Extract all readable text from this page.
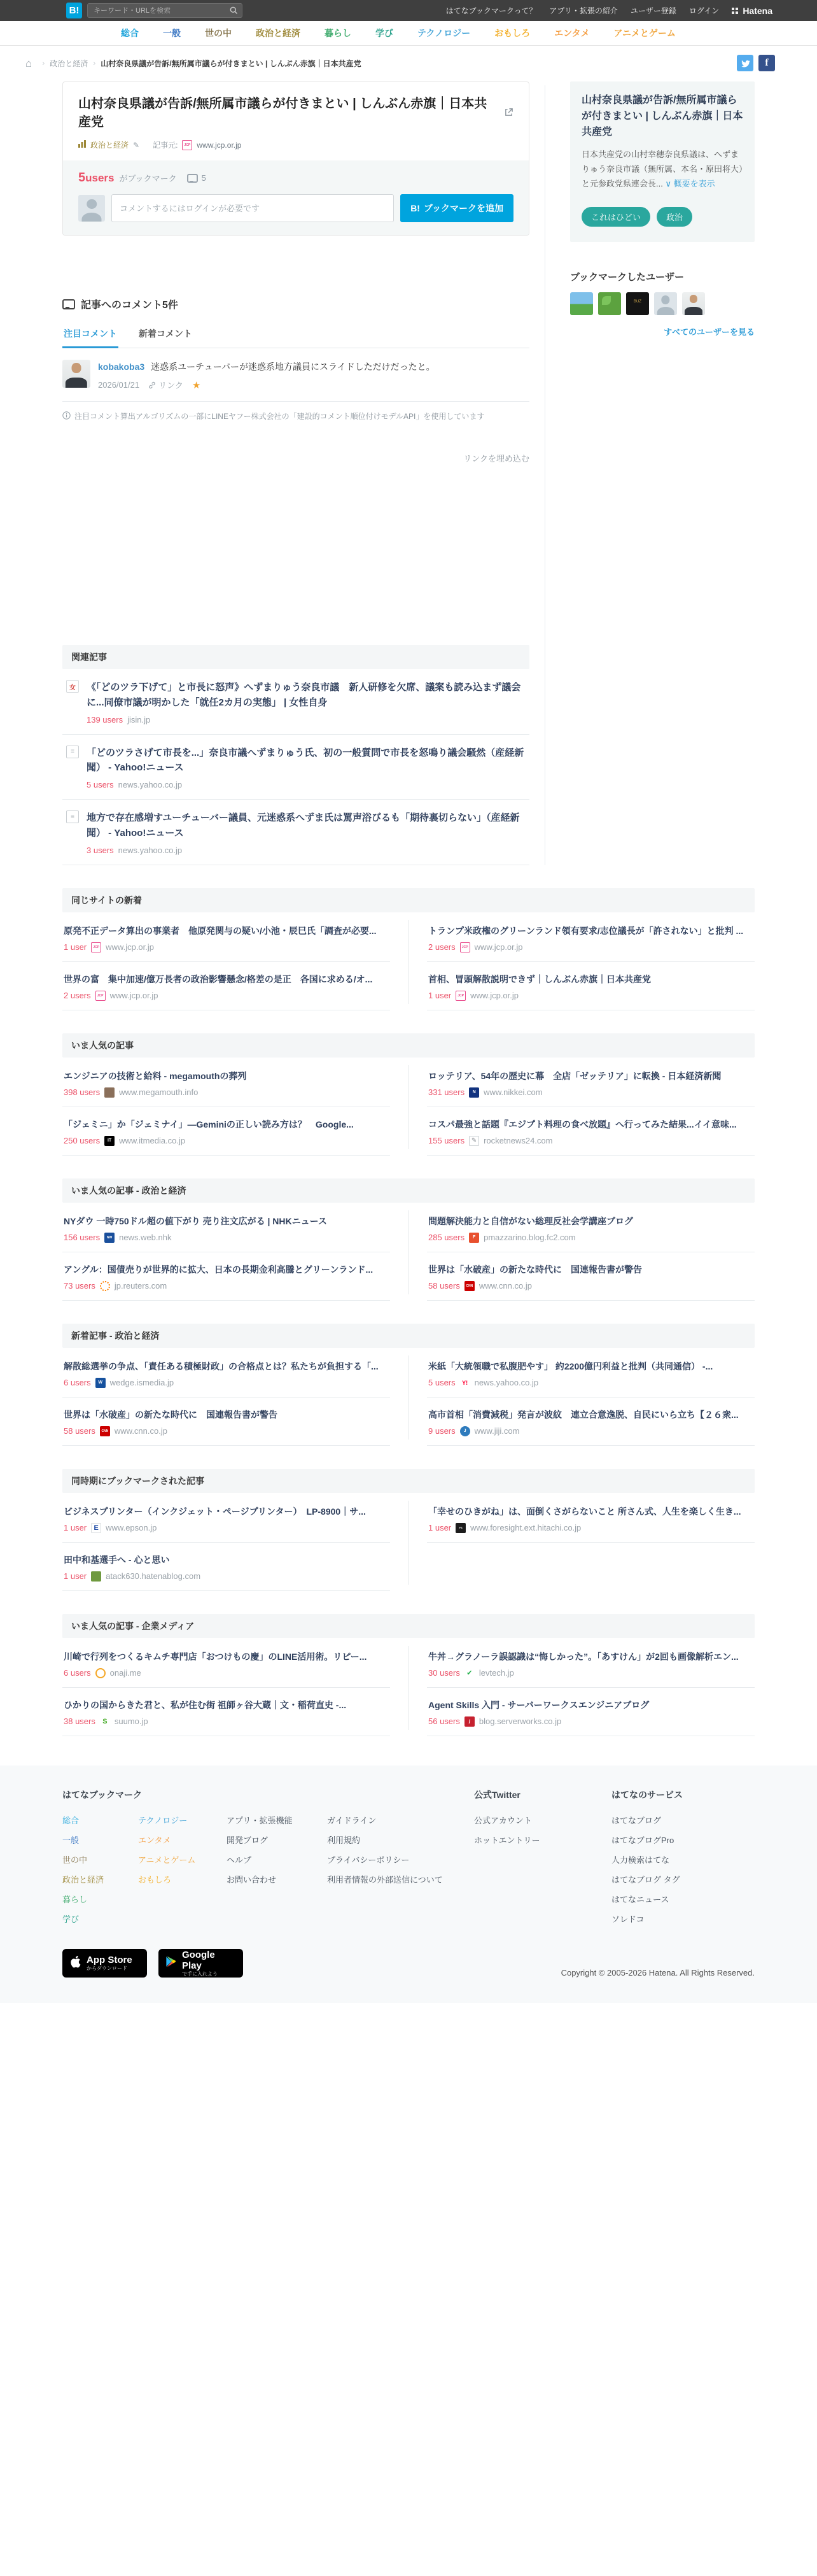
B!
キーワード・URLを検索	はてなブックマークって？ アプリ・拡張の紹介 ユーザー登録 ログイン	Hatena
総合	一般	世の中	政治と経済	暮らし	学び	テクノロジー	おもしろ	エンタメ	アニメとゲーム
⌂ › 政治と経済 › 山村奈良県議が告訴/無所属市議らが付きまとい | しんぶん赤旗｜日本共産党	f
山村奈良県議が告訴/無所属市議らが付きまとい | しんぶん赤旗｜日本共産党
政治と経済 ✎ 記事元: JCP	www.jcp.or.jp
5users がブックマーク	5
コメントするにはログインが必要です
B! ブックマークを追加
記事へのコメント5件
注目コメント 新着コメント
kobakoba3 迷惑系ユーチューバーが迷惑系地方議員にスライドしただけだったと。
2026/01/21 リンク ★
注目コメント算出アルゴリズムの一部にLINEヤフー株式会社の「建設的コメント順位付けモデルAPI」を使用しています
リンクを埋め込む
関連記事
女
《「どのツラ下げて」と市長に怒声》へずまりゅう奈良市議　新人研修を欠席、議案も読み込まず議会に...同僚市議が明かした「就任2カ月の実態」 | 女性自身
139 users jisin.jp
≡
「どのツラさげて市長を...」奈良市議へずまりゅう氏、初の一般質問で市長を怒鳴り議会騒然（産経新聞） - Yahoo!ニュース
5 users news.yahoo.co.jp
≡
地方で存在感増すユーチューバー議員、元迷惑系へずま氏は罵声浴びるも「期待裏切らない」（産経新聞） - Yahoo!ニュース
3 users news.yahoo.co.jp
山村奈良県議が告訴/無所属市議らが付きまとい | しんぶん赤旗｜日本共産党
日本共産党の山村幸穂奈良県議は、へずまりゅう奈良市議（無所属、本名・原田将大）と元参政党県連会長... ∨ 概要を表示
これはひどい	政治
ブックマークしたユーザー
BUZ
すべてのユーザーを見る
同じサイトの新着
原発不正データ算出の事業者　他原発関与の疑い/小池・辰巳氏「調査が必要...
1 user JCP www.jcp.or.jp
トランプ米政権のグリーンランド領有要求/志位議長が「許されない」と批判 ...
2 users JCP www.jcp.or.jp
世界の富　集中加速/億万長者の政治影響懸念/格差の是正　各国に求める/オ...
2 users JCP www.jcp.or.jp
首相、冒頭解散説明できず｜しんぶん赤旗｜日本共産党
1 user JCP www.jcp.or.jp
いま人気の記事
エンジニアの技術と給料 - megamouthの葬列
398 users www.megamouth.info
ロッテリア、54年の歴史に幕　全店「ゼッテリア」に転換 - 日本経済新聞
331 users N www.nikkei.com
「ジェミニ」か「ジェミナイ」―Geminiの正しい読み方は？　Google...
250 users IT www.itmedia.co.jp
コスパ最強と話題『エジプト料理の食べ放題』へ行ってみた結果...イイ意味...
155 users ✎ rocketnews24.com
いま人気の記事 - 政治と経済
NYダウ 一時750ドル超の値下がり 売り注文広がる | NHKニュース
156 users NW news.web.nhk
問題解決能力と自信がない総理反社会学講座ブログ
285 users F pmazzarino.blog.fc2.com
アングル：国債売りが世界的に拡大、日本の長期金利高騰とグリーンランド...
73 users jp.reuters.com
世界は「水破産」の新たな時代に　国連報告書が警告
58 users CNN www.cnn.co.jp
新着記事 - 政治と経済
解散総選挙の争点、「責任ある積極財政」の合格点とは？私たちが負担する「...
6 users W wedge.ismedia.jp
米紙「大統領職で私腹肥やす」 約2200億円利益と批判（共同通信） -...
5 users Y! news.yahoo.co.jp
世界は「水破産」の新たな時代に　国連報告書が警告
58 users CNN www.cnn.co.jp
高市首相「消費減税」発言が波紋　連立合意逸脱、自民にいら立ち【２６衆...
9 users J www.jiji.com
同時期にブックマークされた記事
ビジネスプリンター（インクジェット・ページプリンター）　LP-8900｜サ...
1 user E www.epson.jp
「幸せのひきがね」は、面倒くさがらないこと 所さん式、人生を楽しく生き...
1 user FS www.foresight.ext.hitachi.co.jp
田中和基選手へ - 心と思い
1 user atack630.hatenablog.com
いま人気の記事 - 企業メディア
川崎で行列をつくるキムチ専門店「おつけもの慶」のLINE活用術。リピー...
6 users onaji.me
牛丼→グラノーラ誤認識は“悔しかった”。「あすけん」が2回も画像解析エン...
30 users ✔ levtech.jp
ひかりの国からきた君と、私が住む街 祖師ヶ谷大蔵｜文・稲荷直史 -...
38 users S suumo.jp
Agent Skills 入門 - サーバーワークスエンジニアブログ
56 users / blog.serverworks.co.jp
はてなブックマーク	公式Twitter	はてなのサービス
総合
一般
世の中
政治と経済
暮らし
学び
テクノロジー
エンタメ
アニメとゲーム
おもしろ
アプリ・拡張機能
開発ブログ
ヘルプ
お問い合わせ
ガイドライン
利用規約
プライバシーポリシー
利用者情報の外部送信について
公式アカウント
ホットエントリー
はてなブログ
はてなブログPro
人力検索はてな
はてなブログ タグ
はてなニュース
ソレドコ
App Store
からダウンロード
Google Play
で手に入れよう	Copyright © 2005-2026 Hatena. All Rights Reserved.
